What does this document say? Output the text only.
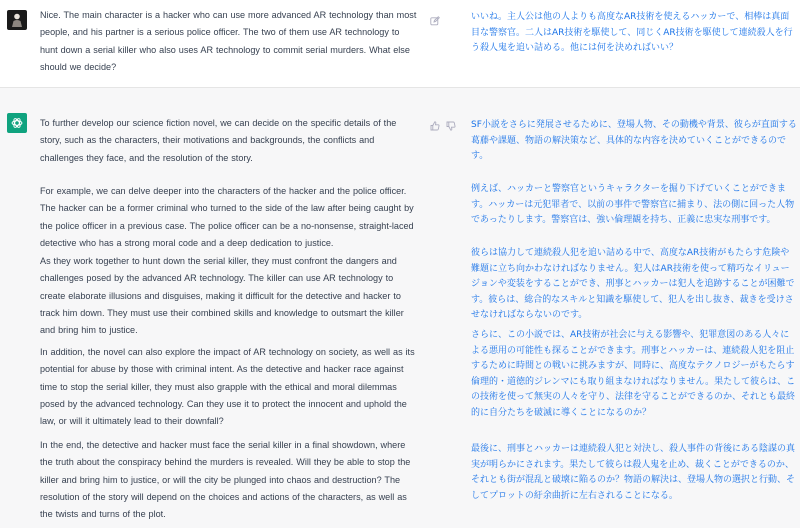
Nice. The main character is a hacker who can use more advanced AR technology than most people, and his partner is a serious police officer. The two of them use AR technology to hunt down a serial killer who also uses AR technology to commit serial murders. What else should we decide?

いいね。主人公は他の人よりも高度なAR技術を使えるハッカーで、相棒は真面目な警察官。二人はAR技術を駆使して、同じくAR技術を駆使して連続殺人を行う殺人鬼を追い詰める。他には何を決めればいい？

To further develop our science fiction novel, we can decide on the specific details of the story, such as the characters, their motivations and backgrounds, the conflicts and challenges they face, and the resolution of the story.

For example, we can delve deeper into the characters of the hacker and the police officer. The hacker can be a former criminal who turned to the side of the law after being caught by the police officer in a previous case. The police officer can be a no-nonsense, straight-laced detective who has a strong moral code and a deep dedication to justice.

As they work together to hunt down the serial killer, they must confront the dangers and challenges posed by the advanced AR technology. The killer can use AR technology to create elaborate illusions and disguises, making it difficult for the detective and hacker to track him down. They must use their combined skills and knowledge to outsmart the killer and bring him to justice.

In addition, the novel can also explore the impact of AR technology on society, as well as its potential for abuse by those with criminal intent. As the detective and hacker race against time to stop the serial killer, they must also grapple with the ethical and moral dilemmas posed by the advanced technology. Can they use it to protect the innocent and uphold the law, or will it ultimately lead to their downfall?

In the end, the detective and hacker must face the serial killer in a final showdown, where the truth about the conspiracy behind the murders is revealed. Will they be able to stop the killer and bring him to justice, or will the city be plunged into chaos and destruction? The resolution of the story will depend on the choices and actions of the characters, as well as the twists and turns of the plot.

SF小説をさらに発展させるために、登場人物、その動機や背景、彼らが直面する葛藤や課題、物語の解決策など、具体的な内容を決めていくことができるのです。

例えば、ハッカーと警察官というキャラクターを掘り下げていくことができます。ハッカーは元犯罪者で、以前の事件で警察官に捕まり、法の側に回った人物であったりします。警察官は、強い倫理観を持ち、正義に忠実な刑事です。

彼らは協力して連続殺人犯を追い詰める中で、高度なAR技術がもたらす危険や難題に立ち向かわなければなりません。犯人はAR技術を使って精巧なイリュージョンや変装をすることができ、刑事とハッカーは犯人を追跡することが困難です。彼らは、総合的なスキルと知識を駆使して、犯人を出し抜き、裁きを受けさせなければならないのです。

さらに、この小説では、AR技術が社会に与える影響や、犯罪意図のある人々による悪用の可能性も探ることができます。刑事とハッカーは、連続殺人犯を阻止するために時間との戦いに挑みますが、同時に、高度なテクノロジーがもたらす倫理的・道徳的ジレンマにも取り組まなければなりません。果たして彼らは、この技術を使って無実の人々を守り、法律を守ることができるのか、それとも最終的に自分たちを破滅に導くことになるのか？

最後に、刑事とハッカーは連続殺人犯と対決し、殺人事件の背後にある陰謀の真実が明らかにされます。果たして彼らは殺人鬼を止め、裁くことができるのか、それとも街が混乱と破壊に陥るのか？物語の解決は、登場人物の選択と行動、そしてプロットの紆余曲折に左右されることになる。
